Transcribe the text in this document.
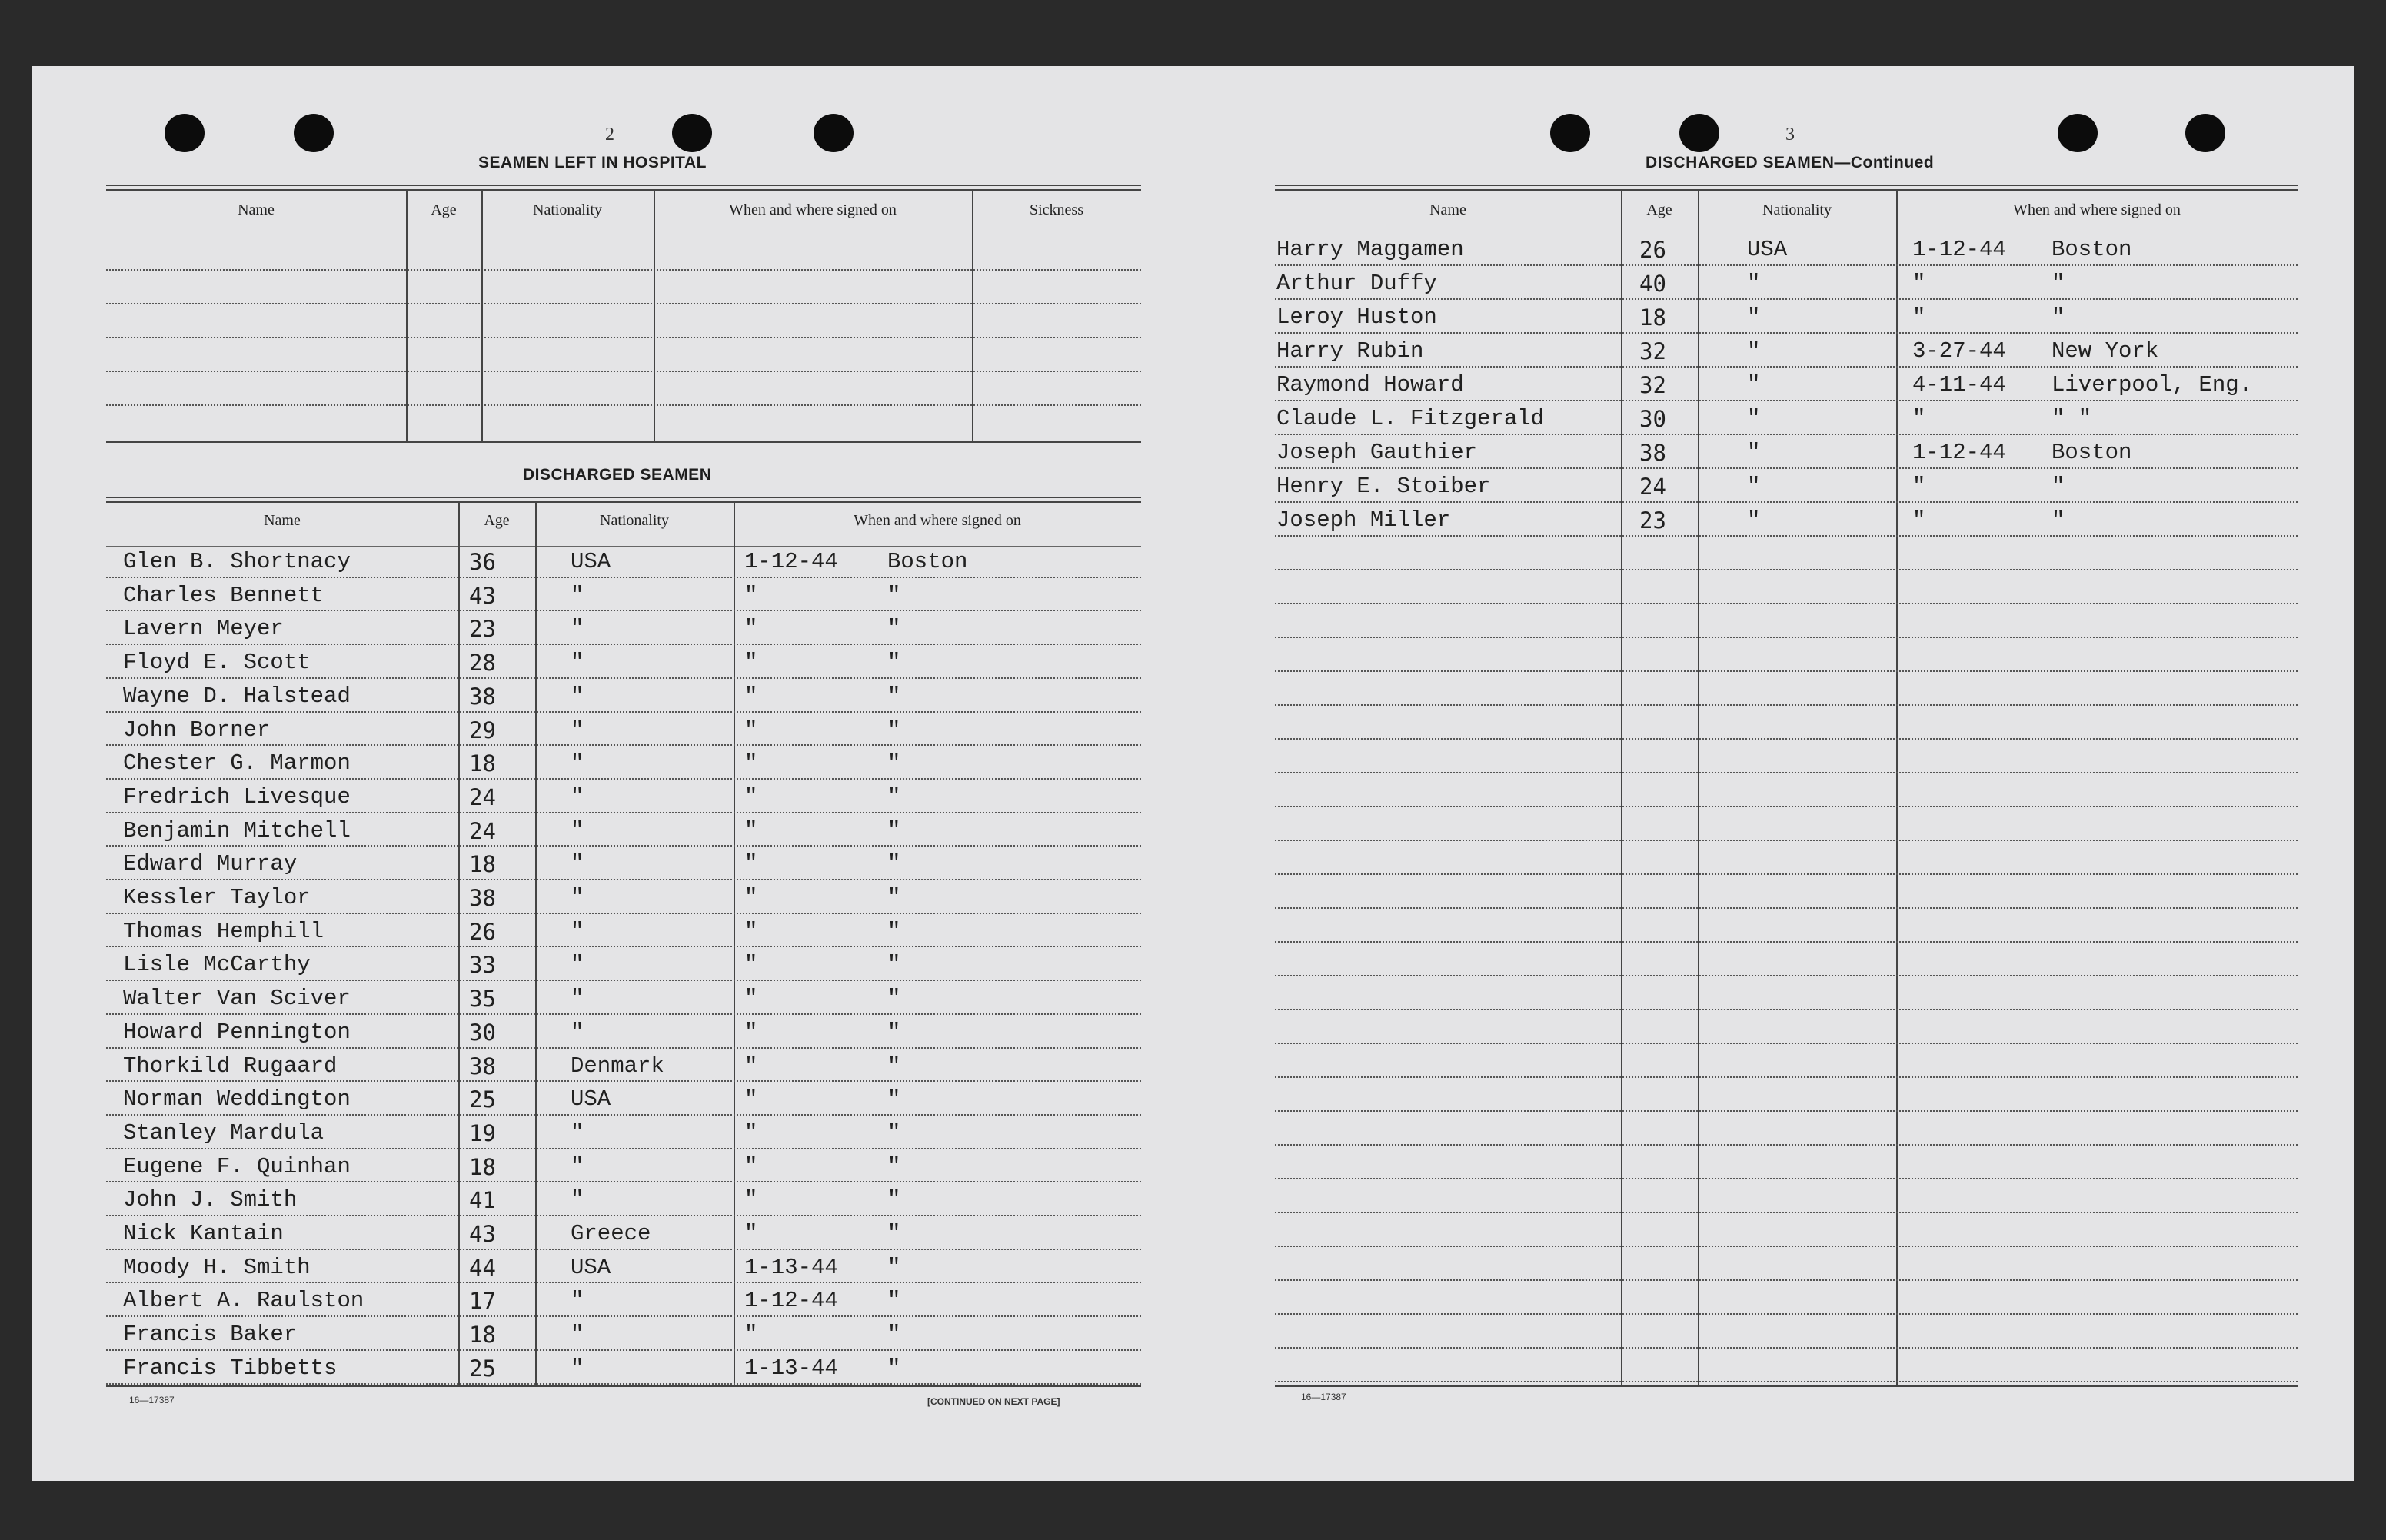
2
SEAMEN LEFT IN HOSPITAL
Name	Age	Nationality	When and where signed on	Sickness
DISCHARGED SEAMEN
Name	Age	Nationality	When and where signed on
Glen B. Shortnacy	36	USA	1-12-44 Boston
Charles Bennett	43	"	"	"
Lavern Meyer	23	"	"	"
Floyd E. Scott	28	"	"	"
Wayne D. Halstead	38	"	"	"
John Borner	29	"	"	"
Chester G. Marmon	18	"	"	"
Fredrich Livesque	24	"	"	"
Benjamin Mitchell	24	"	"	"
Edward Murray	18	"	"	"
Kessler Taylor	38	"	"	"
Thomas Hemphill	26	"	"	"
Lisle McCarthy	33	"	"	"
Walter Van Sciver	35	"	"	"
Howard Pennington	30	"	"	"
Thorkild Rugaard	38	Denmark	"	"
Norman Weddington	25	USA	"	"
Stanley Mardula	19	"	"	"
Eugene F. Quinhan	18	"	"	"
John J. Smith	41	"	"	"
Nick Kantain	43	Greece	"	"
Moody H. Smith	44	USA	1-13-44 "
Albert A. Raulston	17	"	1-12-44 "
Francis Baker	18	"	"	"
Francis Tibbetts	25	"	1-13-44 "
16—17387	[CONTINUED ON NEXT PAGE]
3
DISCHARGED SEAMEN—Continued
Name	Age	Nationality	When and where signed on
Harry Maggamen	26	USA	1-12-44 Boston
Arthur Duffy	40	"	"	"
Leroy Huston	18	"	"	"
Harry Rubin	32	"	3-27-44 New York
Raymond Howard	32	"	4-11-44 Liverpool, Eng.
Claude L. Fitzgerald	30	"	"	" "
Joseph Gauthier	38	"	1-12-44 Boston
Henry E. Stoiber	24	"	"	"
Joseph Miller	23	"	"	"
16—17387
